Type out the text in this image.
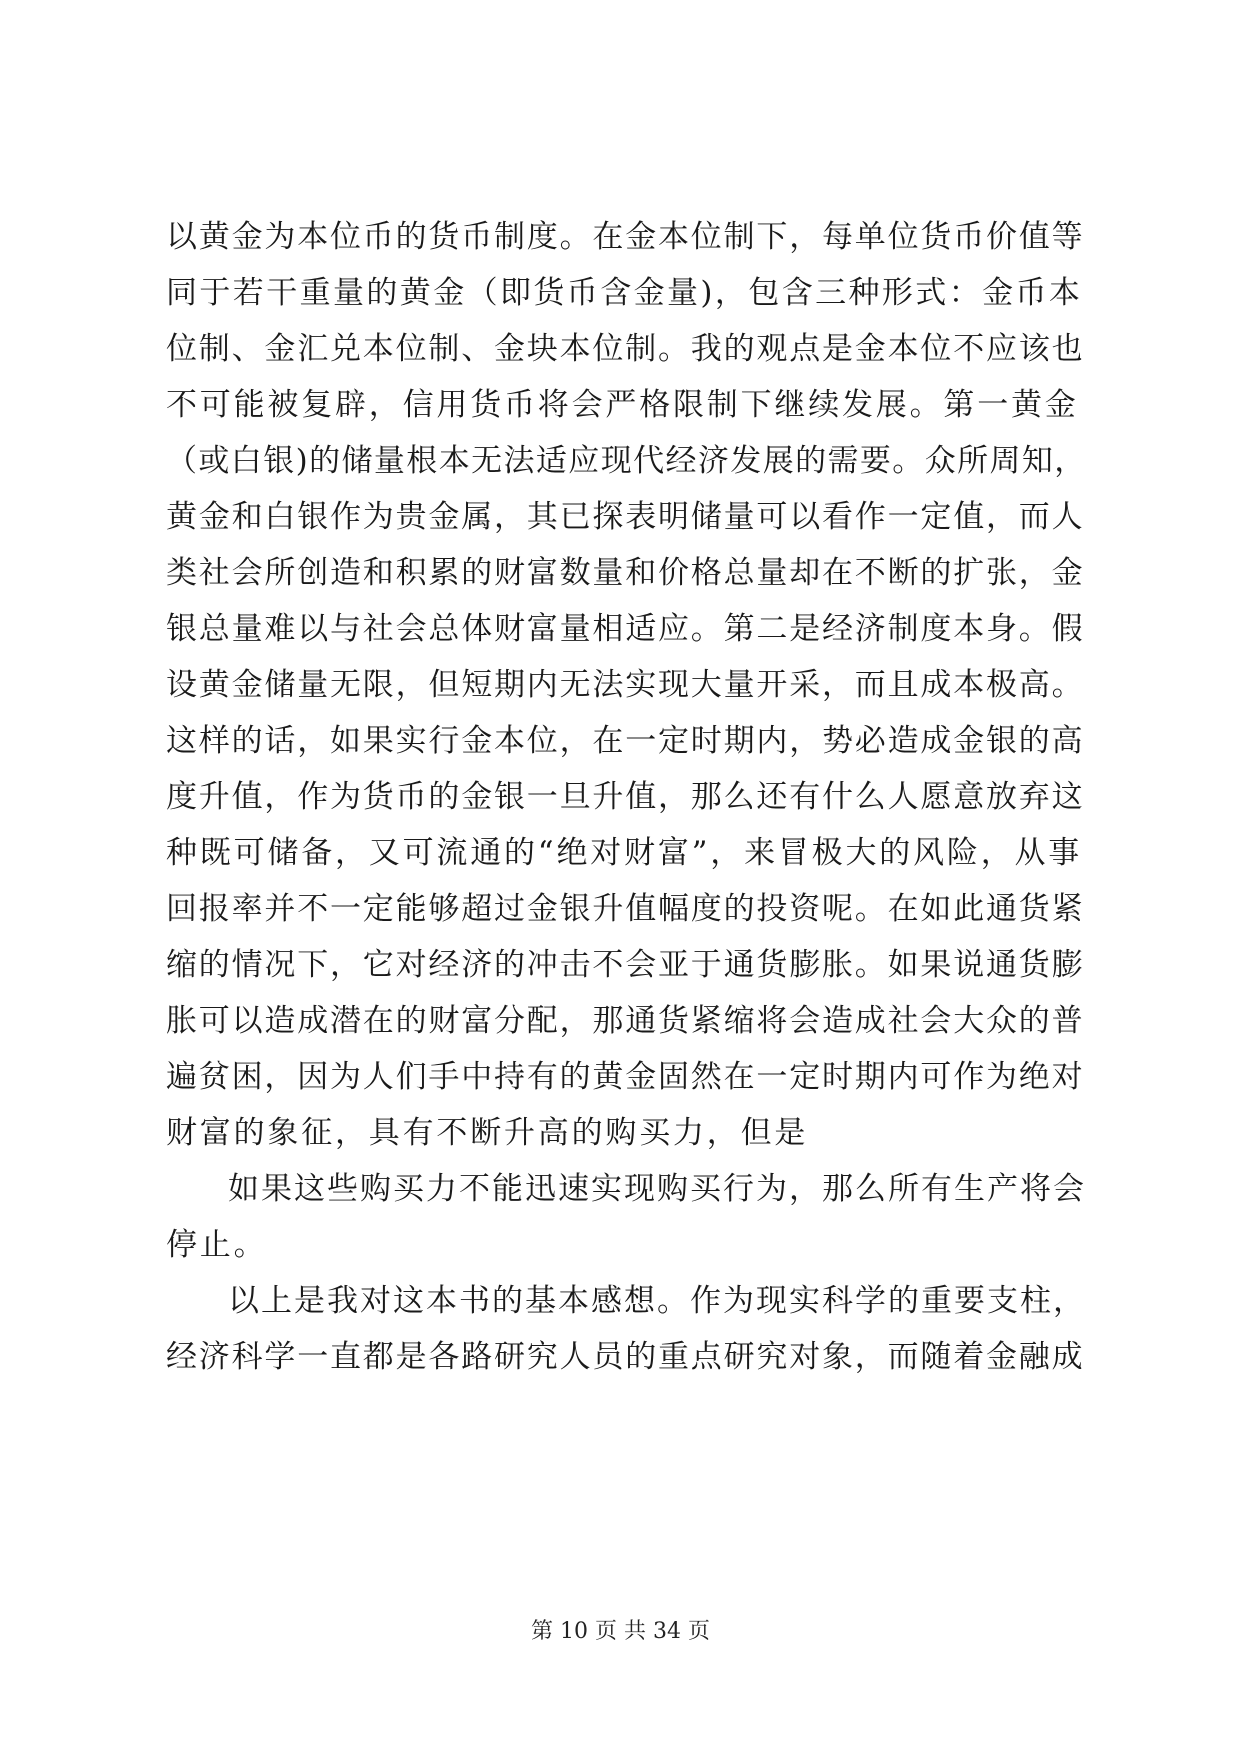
以黄金为本位币的货币制度。在金本位制下，每单位货币价值等
同于若干重量的黄金（即货币含金量)，包含三种形式：金币本
位制、金汇兑本位制、金块本位制。我的观点是金本位不应该也
不可能被复辟，信用货币将会严格限制下继续发展。第一黄金
（或白银)的储量根本无法适应现代经济发展的需要。众所周知，
黄金和白银作为贵金属，其已探表明储量可以看作一定值，而人
类社会所创造和积累的财富数量和价格总量却在不断的扩张，金
银总量难以与社会总体财富量相适应。第二是经济制度本身。假
设黄金储量无限，但短期内无法实现大量开采，而且成本极高。
这样的话，如果实行金本位，在一定时期内，势必造成金银的高
度升值，作为货币的金银一旦升值，那么还有什么人愿意放弃这
种既可储备，又可流通的“绝对财富”，来冒极大的风险，从事
回报率并不一定能够超过金银升值幅度的投资呢。在如此通货紧
缩的情况下，它对经济的冲击不会亚于通货膨胀。如果说通货膨
胀可以造成潜在的财富分配，那通货紧缩将会造成社会大众的普
遍贫困，因为人们手中持有的黄金固然在一定时期内可作为绝对
财富的象征，具有不断升高的购买力，但是

如果这些购买力不能迅速实现购买行为，那么所有生产将会
停止。

以上是我对这本书的基本感想。作为现实科学的重要支柱，
经济科学一直都是各路研究人员的重点研究对象，而随着金融成

第 10 页 共 34 页
